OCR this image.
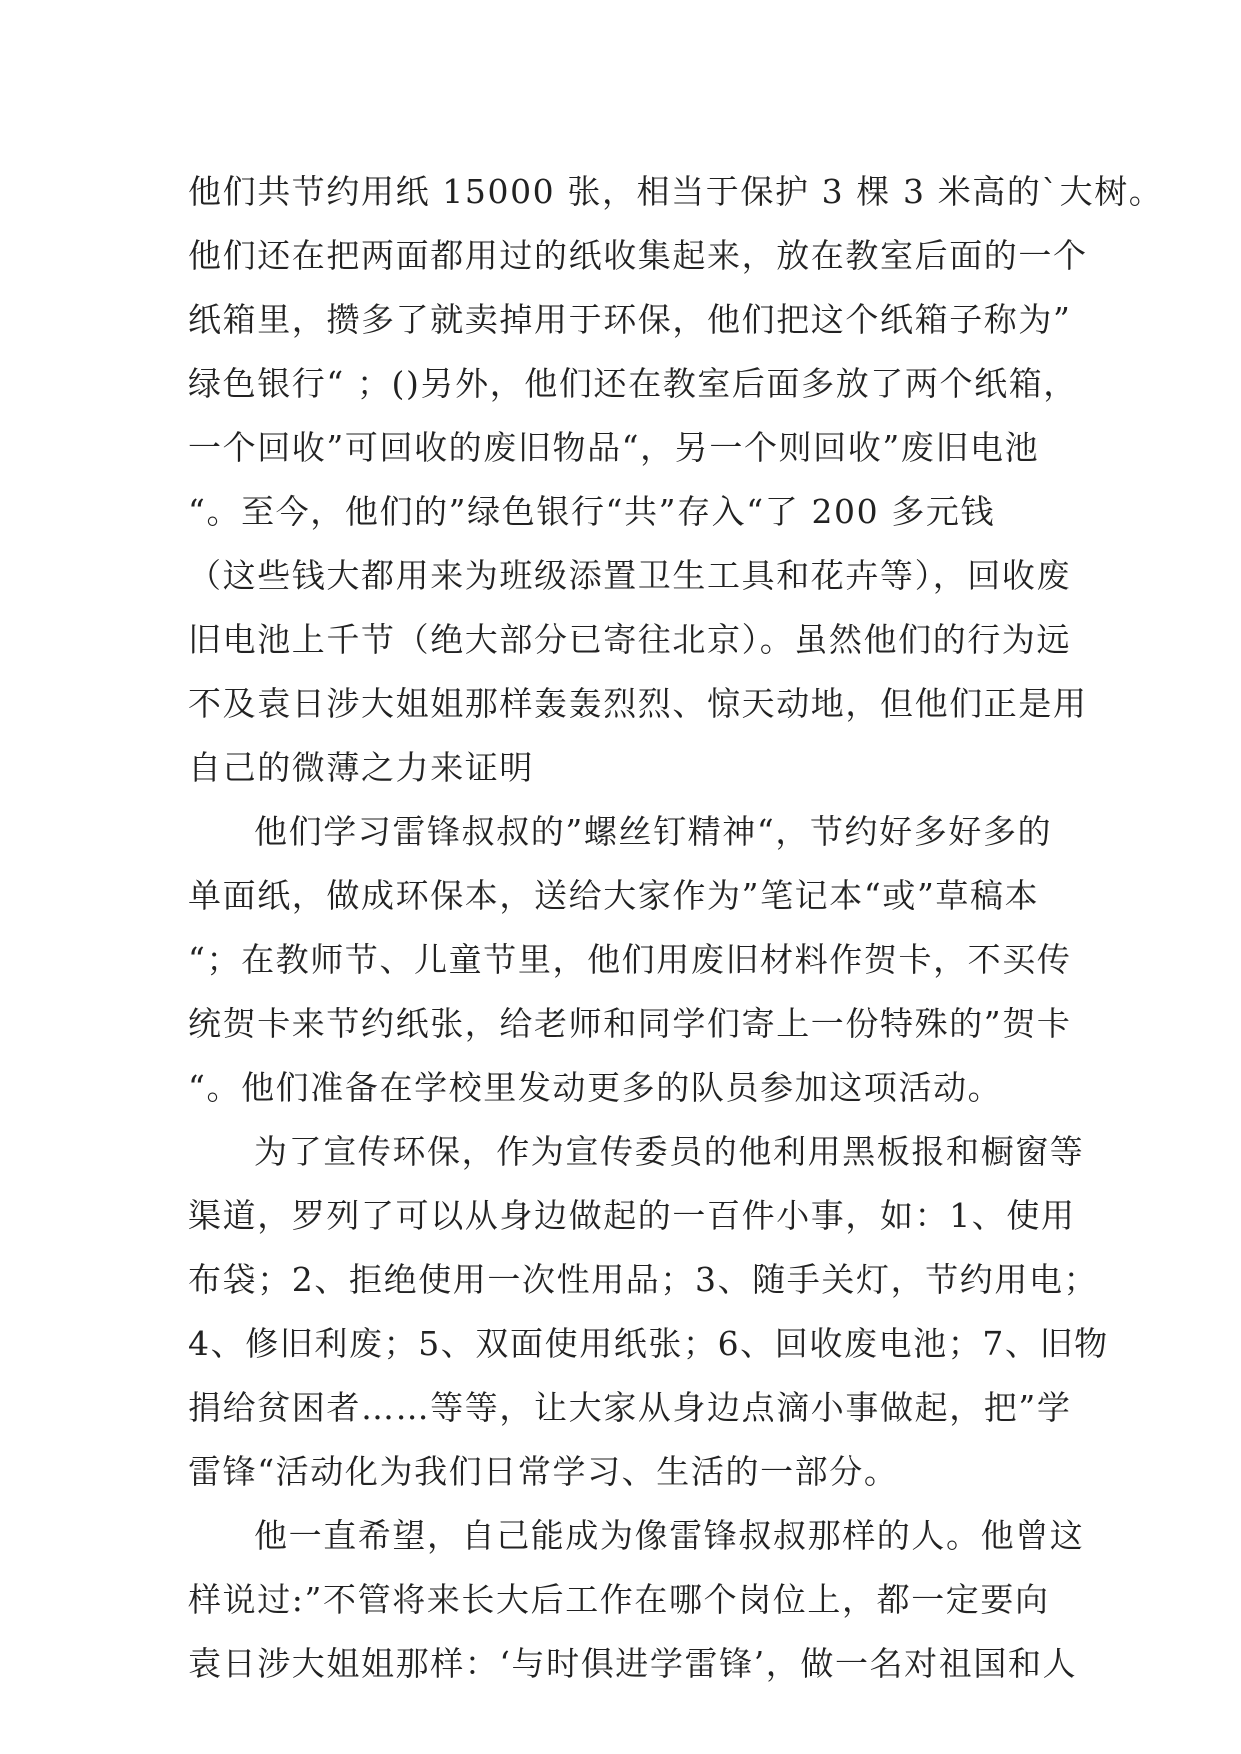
他们共节约用纸 15000 张，相当于保护 3 棵 3 米高的`大树。
他们还在把两面都用过的纸收集起来，放在教室后面的一个
纸箱里，攒多了就卖掉用于环保，他们把这个纸箱子称为”
绿色银行“ ；()另外，他们还在教室后面多放了两个纸箱，
一个回收”可回收的废旧物品“，另一个则回收”废旧电池
“。至今，他们的”绿色银行“共”存入“了 200 多元钱
（这些钱大都用来为班级添置卫生工具和花卉等），回收废
旧电池上千节（绝大部分已寄往北京）。虽然他们的行为远
不及袁日涉大姐姐那样轰轰烈烈、惊天动地，但他们正是用
自己的微薄之力来证明
他们学习雷锋叔叔的”螺丝钉精神“，节约好多好多的
单面纸，做成环保本，送给大家作为”笔记本“或”草稿本
“；在教师节、儿童节里，他们用废旧材料作贺卡，不买传
统贺卡来节约纸张，给老师和同学们寄上一份特殊的”贺卡
“。他们准备在学校里发动更多的队员参加这项活动。
为了宣传环保，作为宣传委员的他利用黑板报和橱窗等
渠道，罗列了可以从身边做起的一百件小事，如：1、使用
布袋；2、拒绝使用一次性用品；3、随手关灯，节约用电；
4、修旧利废；5、双面使用纸张；6、回收废电池；7、旧物
捐给贫困者……等等，让大家从身边点滴小事做起，把”学
雷锋“活动化为我们日常学习、生活的一部分。
他一直希望，自己能成为像雷锋叔叔那样的人。他曾这
样说过:”不管将来长大后工作在哪个岗位上，都一定要向
袁日涉大姐姐那样：‘与时俱进学雷锋’，做一名对祖国和人
